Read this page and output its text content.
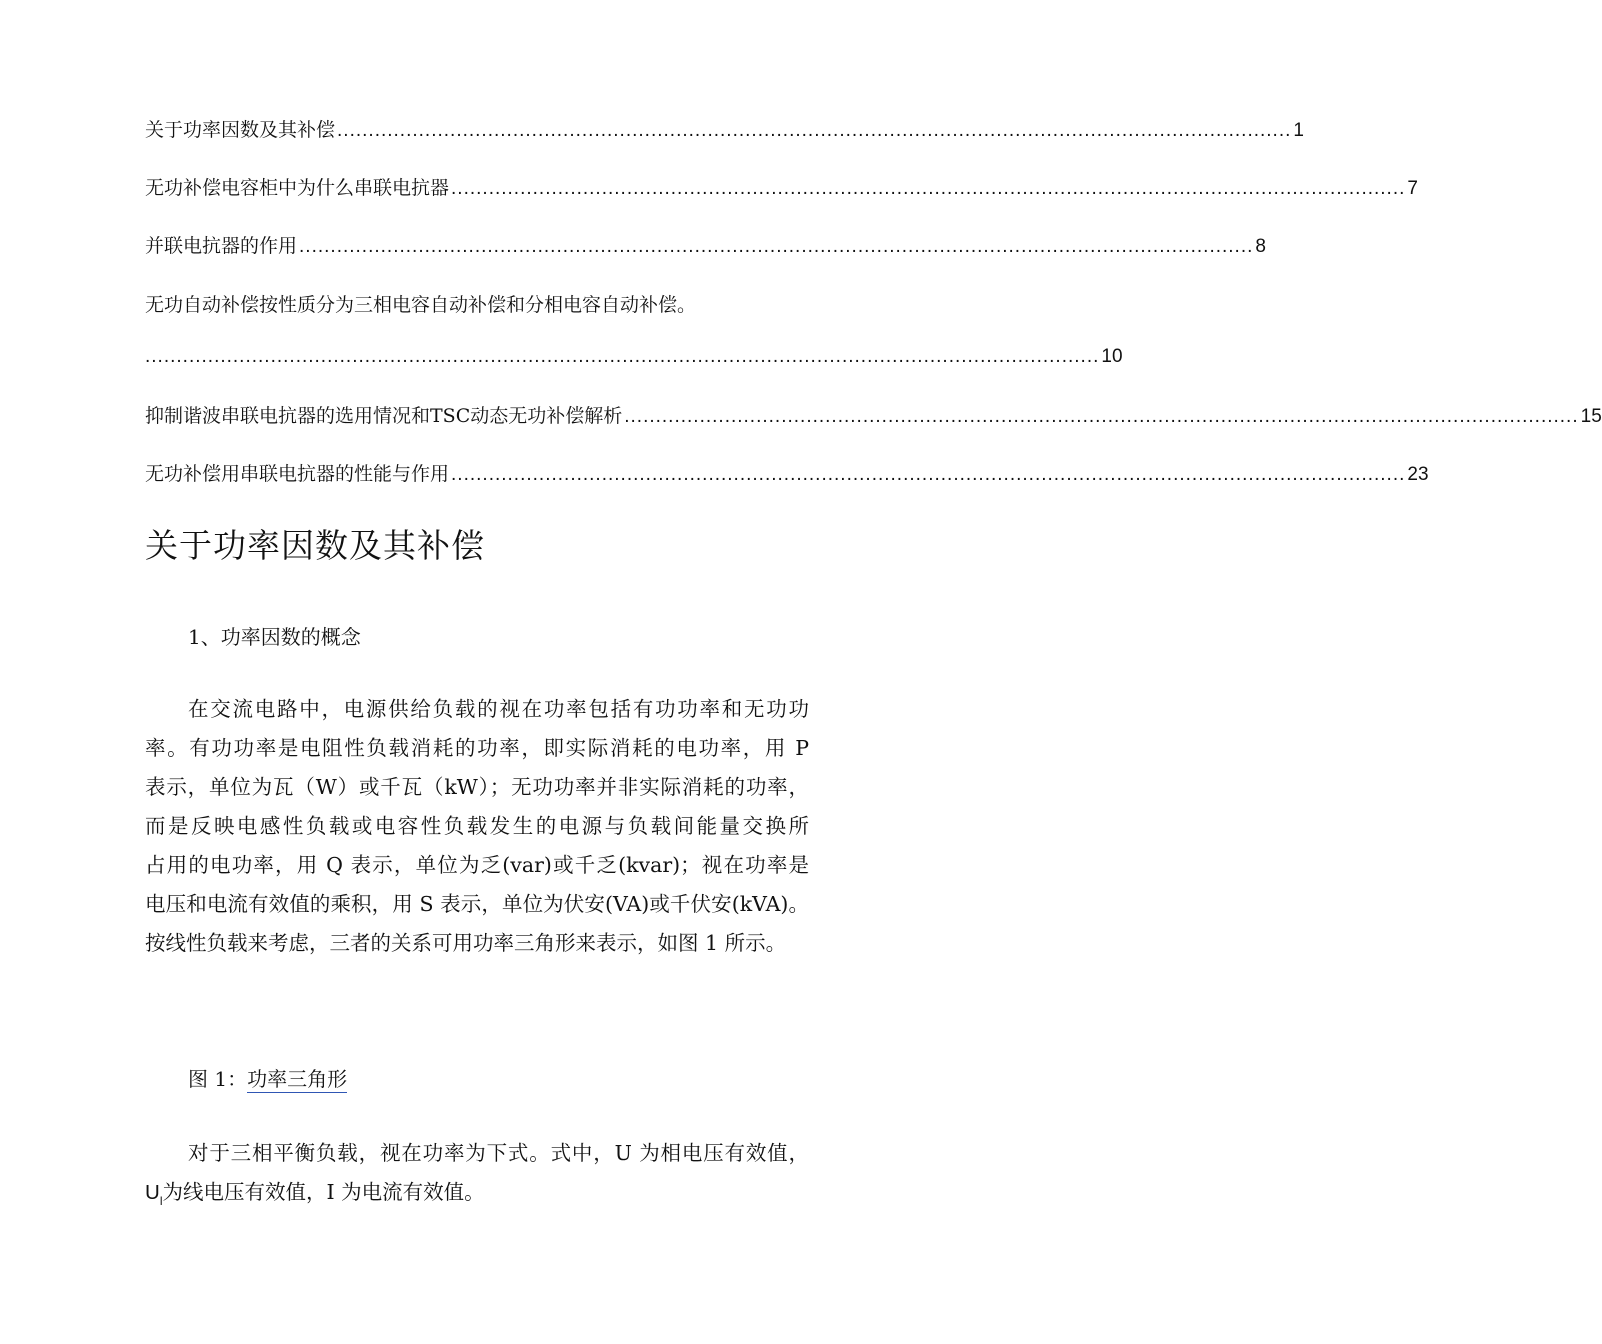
关于功率因数及其补偿 ........................................................................................................................................................ 1
无功补偿电容柜中为什么串联电抗器 ........................................................................................................................................................ 7
并联电抗器的作用 ........................................................................................................................................................ 8
无功自动补偿按性质分为三相电容自动补偿和分相电容自动补偿。
........................................................................................................................................................ 10
抑制谐波串联电抗器的选用情况和TSC动态无功补偿解析 ........................................................................................................................................................ 15
无功补偿用串联电抗器的性能与作用 ........................................................................................................................................................ 23
关于功率因数及其补偿

1、功率因数的概念

在交流电路中，电源供给负载的视在功率包括有功功率和无功功
率。有功功率是电阻性负载消耗的功率，即实际消耗的电功率，用 P
表示，单位为瓦（W）或千瓦（kW）；无功功率并非实际消耗的功率，
而是反映电感性负载或电容性负载发生的电源与负载间能量交换所
占用的电功率，用 Q 表示，单位为乏(var)或千乏(kvar)；视在功率是
电压和电流有效值的乘积，用 S 表示，单位为伏安(VA)或千伏安(kVA)。
按线性负载来考虑，三者的关系可用功率三角形来表示，如图 1 所示。

图 1：功率三角形

对于三相平衡负载，视在功率为下式。式中，U 为相电压有效值，
$U_l$为线电压有效值，I 为电流有效值。
